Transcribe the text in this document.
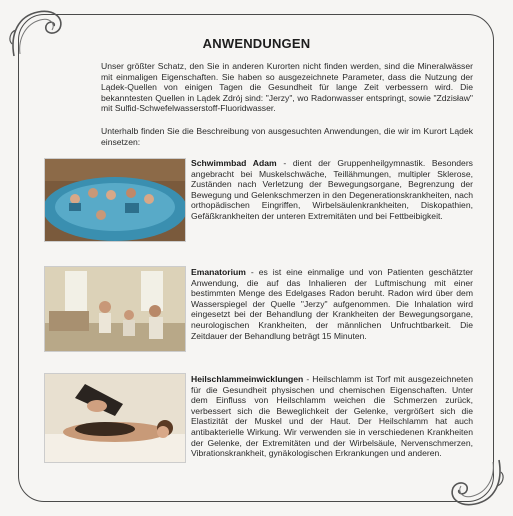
ANWENDUNGEN

Unser größter Schatz, den Sie in anderen Kurorten nicht finden werden, sind die Mineralwässer mit einmaligen Eigenschaften. Sie haben so ausgezeichnete Parameter, dass die Nutzung der Lądek-Quellen von einigen Tagen die Gesundheit für lange Zeit verbessern wird. Die bekanntesten Quellen in Lądek Zdrój sind: "Jerzy", wo Radonwasser entspringt, sowie "Zdzisław" mit Sulfid-Schwefelwasserstoff-Fluoridwasser.

Unterhalb finden Sie die Beschreibung von ausgesuchten Anwendungen, die wir im Kurort Lądek einsetzen:

Schwimmbad Adam - dient der Gruppenheilgymnastik. Besonders angebracht bei Muskelschwäche, Teillähmungen, multipler Sklerose, Zuständen nach Verletzung der Bewegungsorgane, Begrenzung der Bewegung und Gelenkschmerzen in den Degenerationskrankheiten, nach orthopädischen Eingriffen, Wirbelsäulenkrankheiten, Diskopathien, Gefäßkrankheiten der unteren Extremitäten und bei Fettbeibigkeit.

Emanatorium - es ist eine einmalige und von Patienten geschätzter Anwendung, die auf das Inhalieren der Luftmischung mit einer bestimmten Menge des Edelgases Radon beruht. Radon wird über dem Wasserspiegel der Quelle "Jerzy" aufgenommen. Die Inhalation wird eingesetzt bei der Behandlung der Krankheiten der Bewegungsorgane, neurologischen Krankheiten, der männlichen Unfruchtbarkeit. Die Zeitdauer der Behandlung beträgt 15 Minuten.

Heilschlammeinwicklungen - Heilschlamm ist Torf mit ausgezeichneten für die Gesundheit physischen und chemischen Eigenschaften. Unter dem Einfluss von Heilschlamm weichen die Schmerzen zurück, verbessert sich die Beweglichkeit der Gelenke, vergrößert sich die Elastizität der Muskel und der Haut. Der Heilschlamm hat auch antibakterielle Wirkung. Wir verwenden sie in verschiedenen Krankheiten der Gelenke, der Extremitäten und der Wirbelsäule, Nervenschmerzen, Vibrationskrankheit, gynäkologischen Erkrankungen und anderen.
